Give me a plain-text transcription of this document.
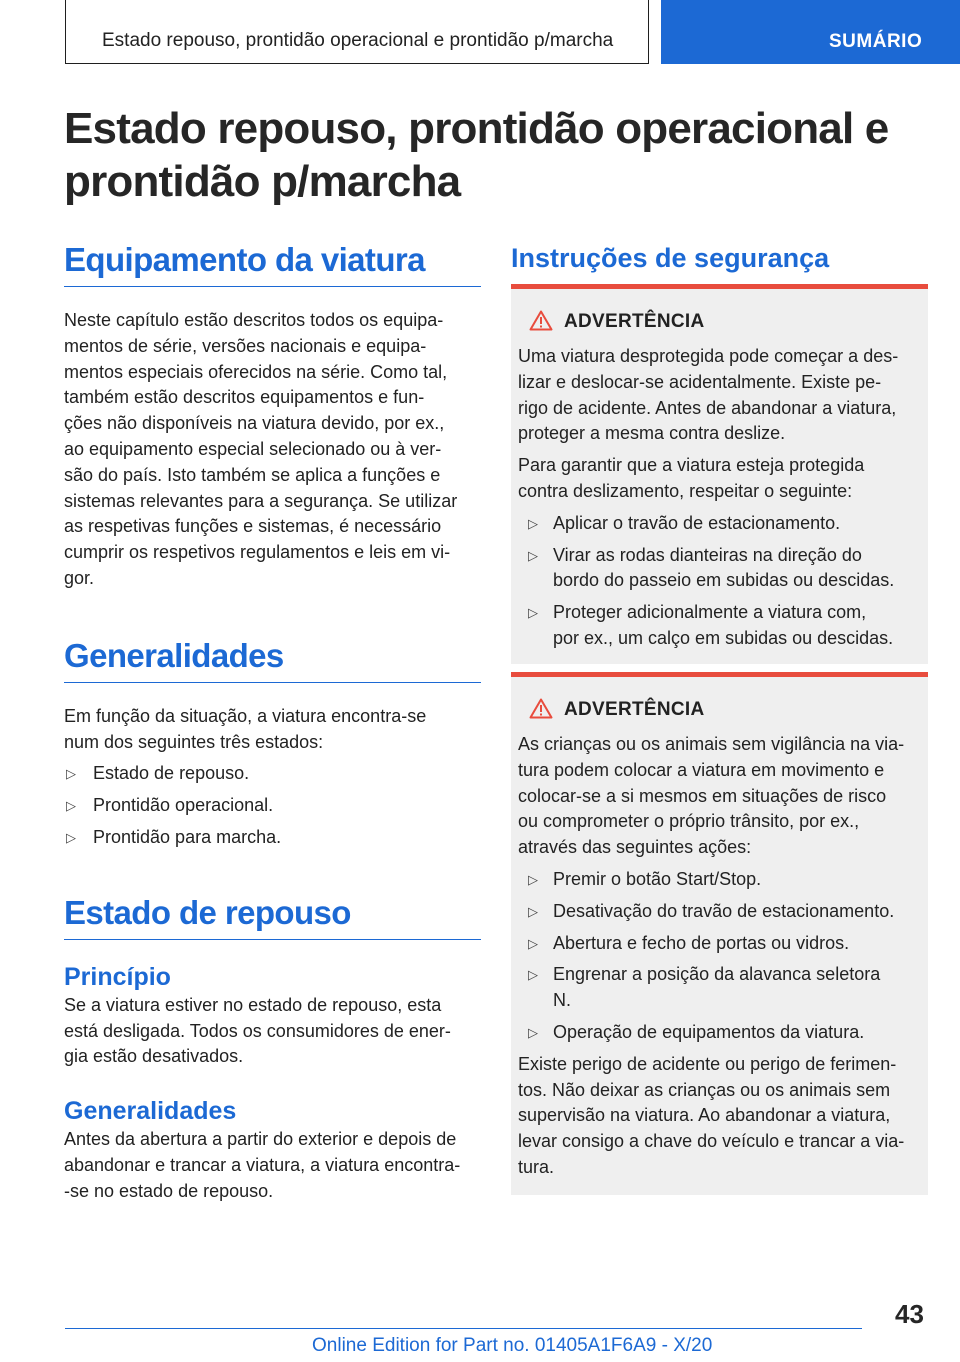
Estado repouso, prontidão operacional e prontidão p/marcha	SUMÁRIO
Estado repouso, prontidão operacional e prontidão p/marcha
Equipamento da viatura
Neste capítulo estão descritos todos os equipa-
mentos de série, versões nacionais e equipa-
mentos especiais oferecidos na série. Como tal,
também estão descritos equipamentos e fun-
ções não disponíveis na viatura devido, por ex.,
ao equipamento especial selecionado ou à ver-
são do país. Isto também se aplica a funções e
sistemas relevantes para a segurança. Se utilizar
as respetivas funções e sistemas, é necessário
cumprir os respetivos regulamentos e leis em vi-
gor.
Generalidades
Em função da situação, a viatura encontra-se
num dos seguintes três estados:
▷ Estado de repouso.
▷ Prontidão operacional.
▷ Prontidão para marcha.
Estado de repouso
Princípio
Se a viatura estiver no estado de repouso, esta
está desligada. Todos os consumidores de ener-
gia estão desativados.
Generalidades
Antes da abertura a partir do exterior e depois de
abandonar e trancar a viatura, a viatura encontra-
-se no estado de repouso.
Instruções de segurança
ADVERTÊNCIA
Uma viatura desprotegida pode começar a des-
lizar e deslocar-se acidentalmente. Existe pe-
rigo de acidente. Antes de abandonar a viatura,
proteger a mesma contra deslize.
Para garantir que a viatura esteja protegida
contra deslizamento, respeitar o seguinte:
▷ Aplicar o travão de estacionamento.
▷ Virar as rodas dianteiras na direção do
bordo do passeio em subidas ou descidas.
▷ Proteger adicionalmente a viatura com,
por ex., um calço em subidas ou descidas.
ADVERTÊNCIA
As crianças ou os animais sem vigilância na via-
tura podem colocar a viatura em movimento e
colocar-se a si mesmos em situações de risco
ou comprometer o próprio trânsito, por ex.,
através das seguintes ações:
▷ Premir o botão Start/Stop.
▷ Desativação do travão de estacionamento.
▷ Abertura e fecho de portas ou vidros.
▷ Engrenar a posição da alavanca seletora
N.
▷ Operação de equipamentos da viatura.
Existe perigo de acidente ou perigo de ferimen-
tos. Não deixar as crianças ou os animais sem
supervisão na viatura. Ao abandonar a viatura,
levar consigo a chave do veículo e trancar a via-
tura.
43
Online Edition for Part no. 01405A1F6A9 - X/20
